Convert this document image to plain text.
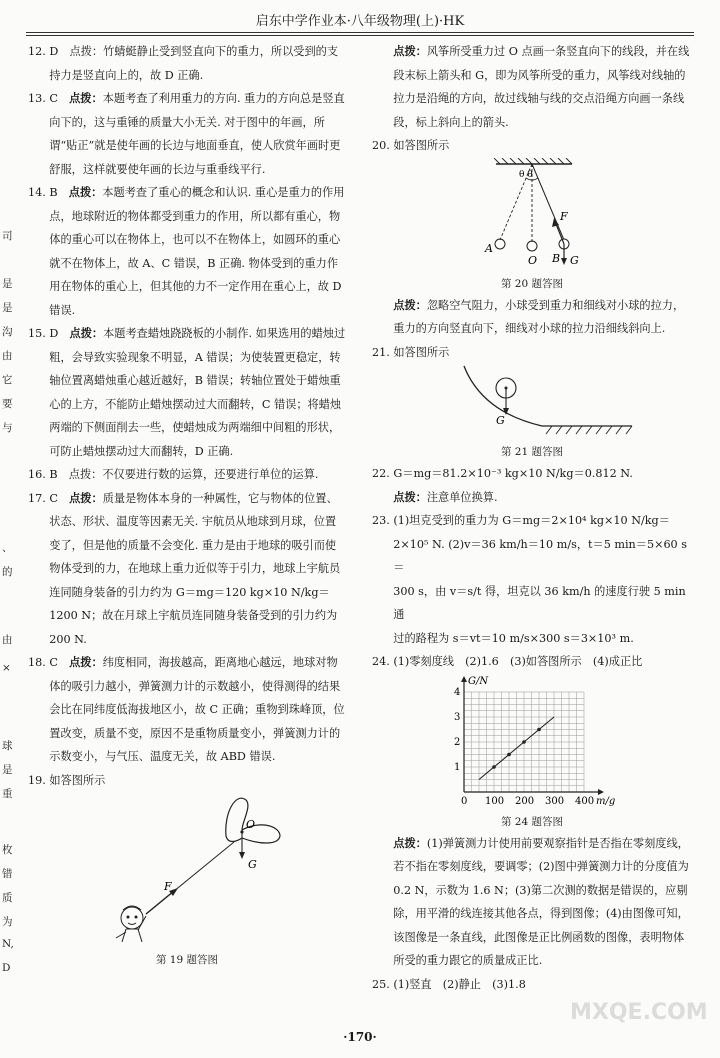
启东中学作业本·八年级物理(上)·HK
司
是
是
沟
由
它
要
与
、
的
由
×
球
是
重
枚
错
质
为
N,
D
12. D　点拨：竹蜻蜓静止受到竖直向下的重力，所以受到的支持力是竖直向上的，故 D 正确.
13. C　点拨：本题考查了利用重力的方向. 重力的方向总是竖直向下的，这与重锤的质量大小无关. 对于图中的年画，所谓“贴正”就是使年画的长边与地面垂直，使人欣赏年画时更舒服，这样就要使年画的长边与重垂线平行.
14. B　点拨：本题考查了重心的概念和认识. 重心是重力的作用点，地球附近的物体都受到重力的作用，所以都有重心，物体的重心可以在物体上，也可以不在物体上，如圆环的重心就不在物体上，故 A、C 错误，B 正确. 物体受到的重力作用在物体的重心上，但其他的力不一定作用在重心上，故 D 错误.
15. D　点拨：本题考查蜡烛跷跷板的小制作. 如果选用的蜡烛过粗，会导致实验现象不明显，A 错误；为使装置更稳定，转轴位置离蜡烛重心越近越好，B 错误；转轴位置处于蜡烛重心的上方，不能防止蜡烛摆动过大而翻转，C 错误；将蜡烛两端的下侧面削去一些，使蜡烛成为两端细中间粗的形状，可防止蜡烛摆动过大而翻转，D 正确.
16. B　点拨：不仅要进行数的运算，还要进行单位的运算.
17. C　点拨：质量是物体本身的一种属性，它与物体的位置、状态、形状、温度等因素无关. 宇航员从地球到月球，位置变了，但是他的质量不会变化. 重力是由于地球的吸引而使物体受到的力，在地球上重力近似等于引力，地球上宇航员连同随身装备的引力约为 G＝mg＝120 kg×10 N/kg＝1200 N；故在月球上宇航员连同随身装备受到的引力约为 200 N.
18. C　点拨：纬度相同，海拔越高，距离地心越远，地球对物体的吸引力越小，弹簧测力计的示数越小，使得测得的结果会比在同纬度低海拔地区小，故 C 正确；重物到珠峰顶，位置改变，质量不变，原因不是重物质量变小，弹簧测力计的示数变小，与气压、温度无关，故 ABD 错误.
19. 如答图所示
O
G
F
第 19 题答图
点拨：风筝所受重力过 O 点画一条竖直向下的线段，并在线段末标上箭头和 G，即为风筝所受的重力，风筝线对线轴的拉力是沿绳的方向，故过线轴与线的交点沿绳方向画一条线段，标上斜向上的箭头.
20. 如答图所示
θ θ
A
O B
F
G
第 20 题答图
点拨：忽略空气阻力，小球受到重力和细线对小球的拉力，重力的方向竖直向下，细线对小球的拉力沿细线斜向上.
21. 如答图所示
G
第 21 题答图
22. G＝mg＝81.2×10⁻³ kg×10 N/kg＝0.812 N.
点拨：注意单位换算.
23. (1)坦克受到的重力为 G＝mg＝2×10⁴ kg×10 N/kg＝
2×10⁵ N. (2)v＝36 km/h＝10 m/s，t＝5 min＝5×60 s＝
300 s，由 v＝s/t 得，坦克以 36 km/h 的速度行驶 5 min 通
过的路程为 s＝vt＝10 m/s×300 s＝3×10³ m.
24. (1)零刻度线　(2)1.6　(3)如答图所示　(4)成正比
0 100 200 300 400
1
2
3
4
G/N
m/g
第 24 题答图
点拨：(1)弹簧测力计使用前要观察指针是否指在零刻度线，若不指在零刻度线，要调零；(2)图中弹簧测力计的分度值为 0.2 N，示数为 1.6 N；(3)第二次测的数据是错误的，应剔除，用平滑的线连接其他各点，得到图像；(4)由图像可知，该图像是一条直线，此图像是正比例函数的图像，表明物体所受的重力跟它的质量成正比.
25. (1)竖直　(2)静止　(3)1.8
·170·
MXQE.COM
